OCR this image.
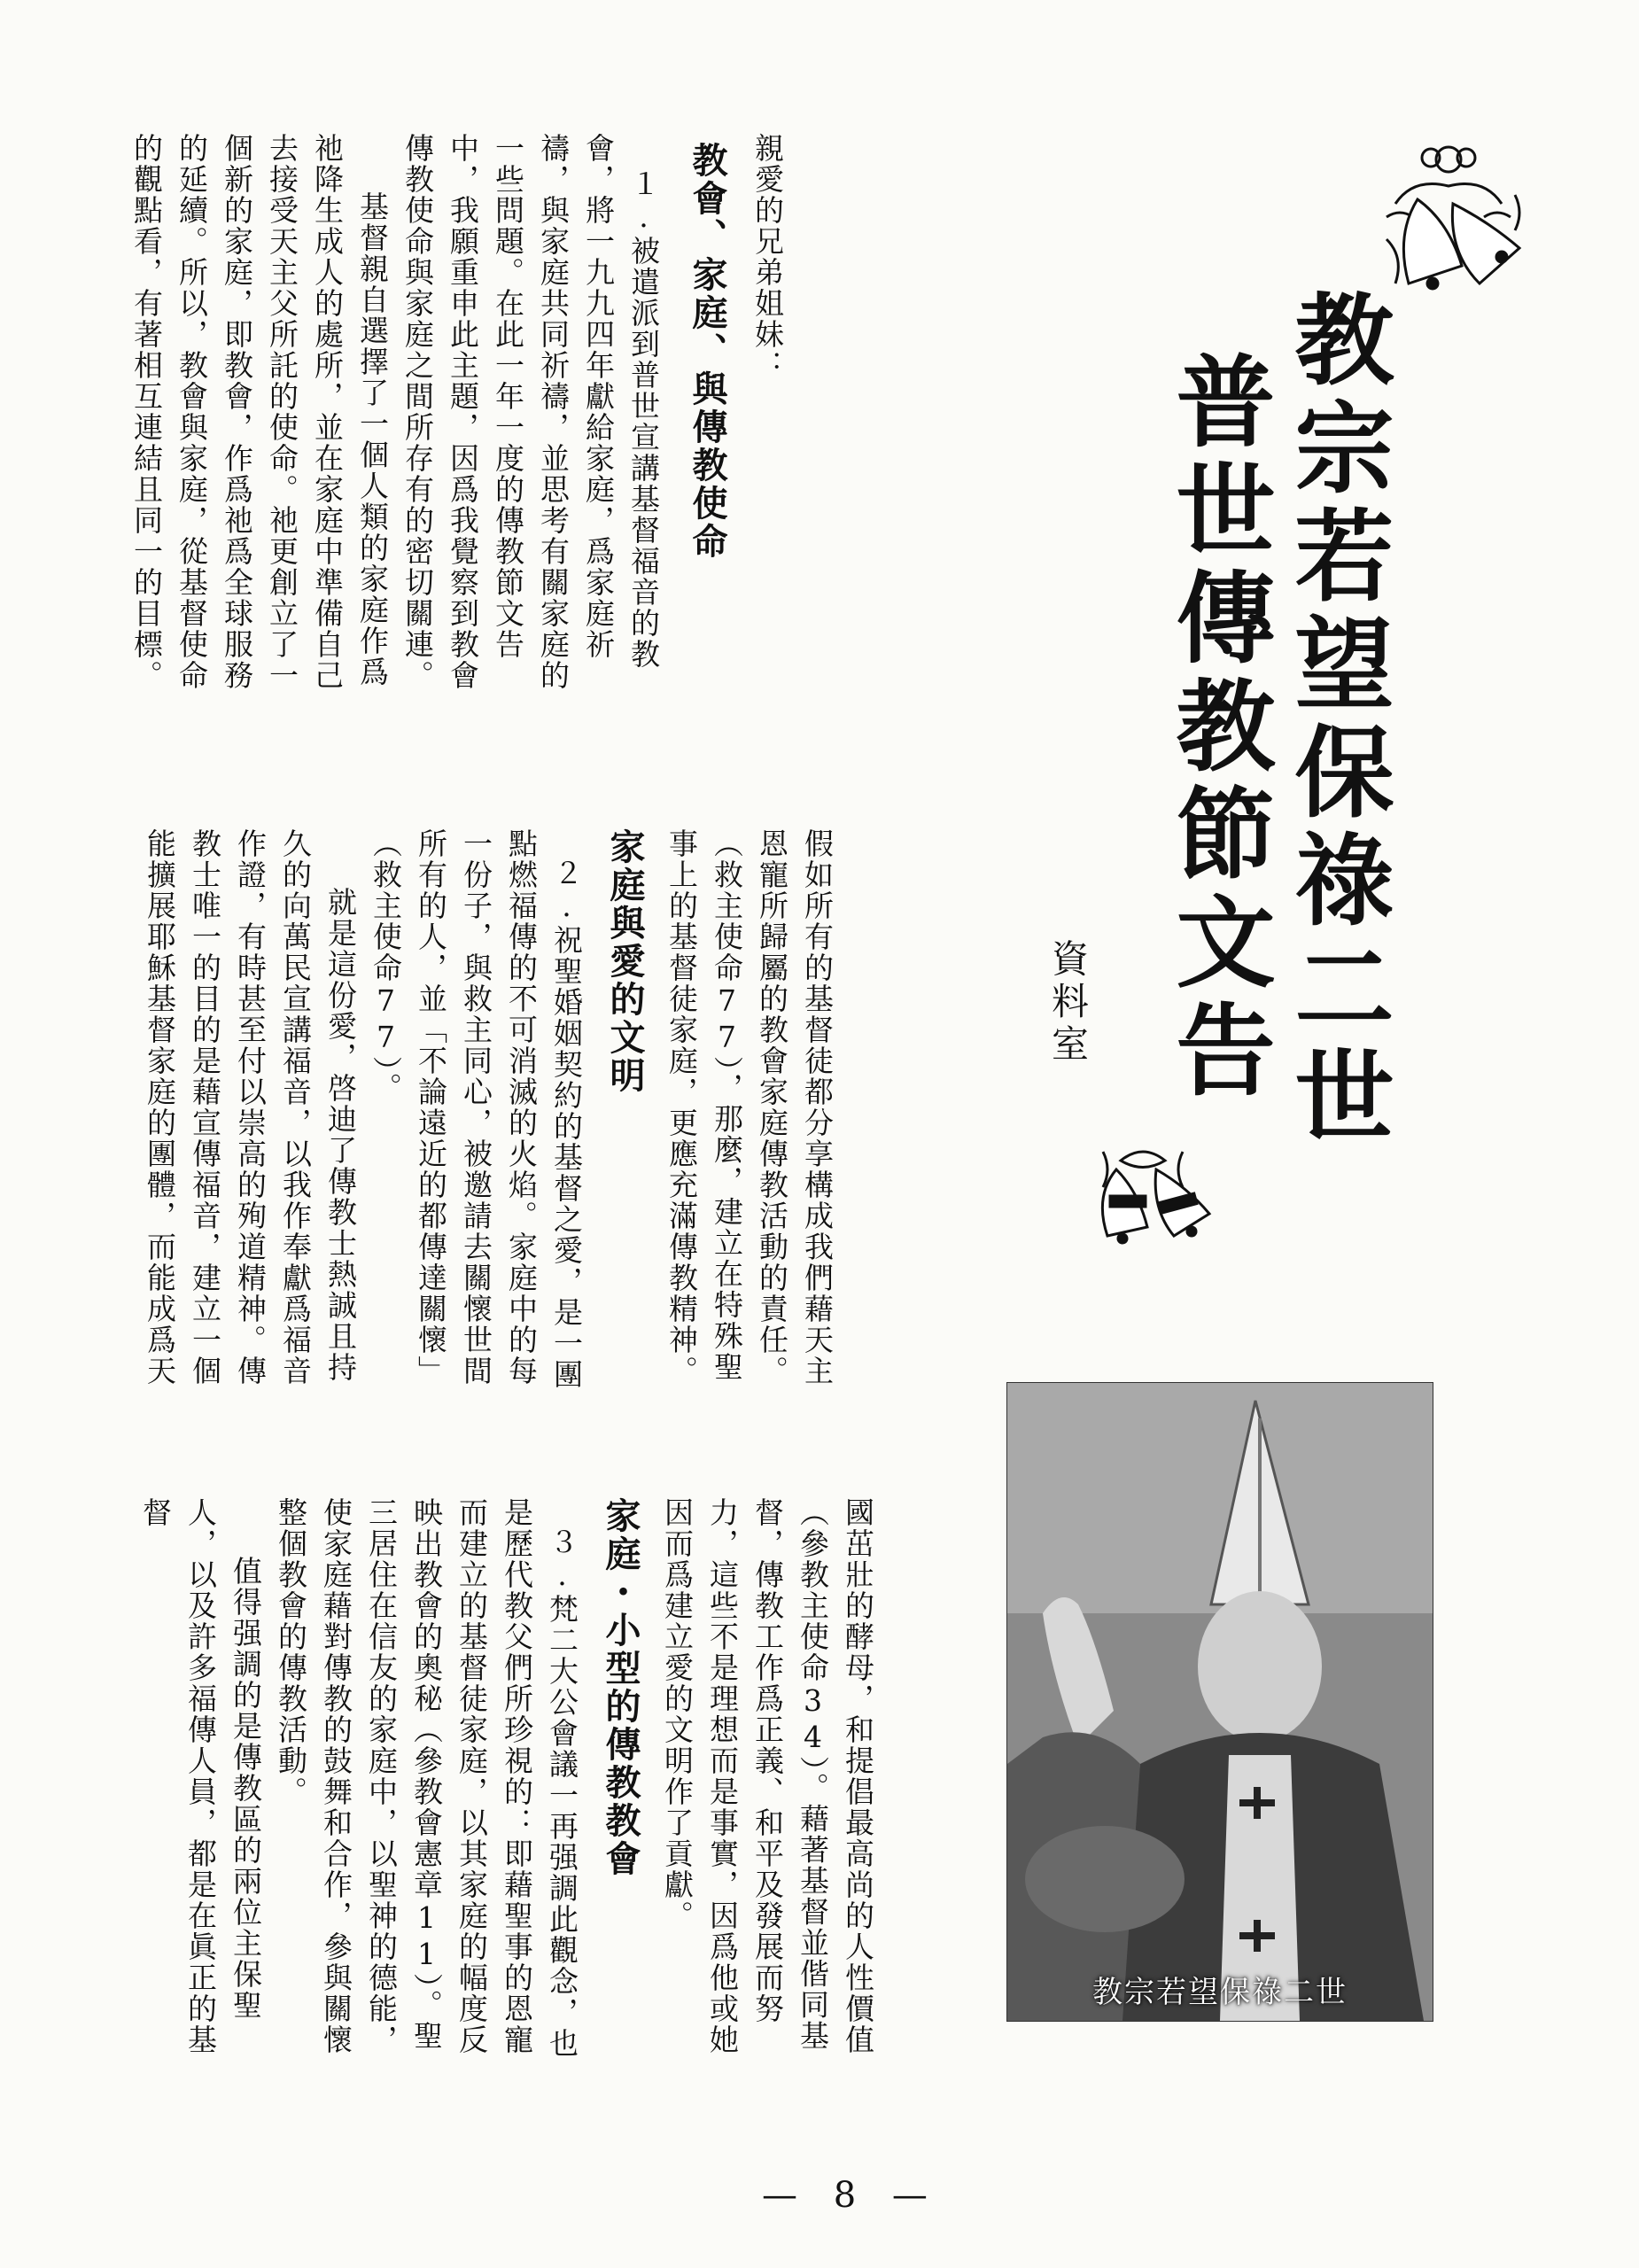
教宗若望保祿二世
普世傳教節文告
資料室
親愛的兄弟姐妹：
教會、家庭、與傳教使命
１.被遣派到普世宣講基督福音的教會，將一九九四年獻給家庭，爲家庭祈禱，與家庭共同祈禱，並思考有關家庭的一些問題。在此一年一度的傳教節文告中，我願重申此主題，因爲我覺察到教會傳教使命與家庭之間所存有的密切關連。
基督親自選擇了一個人類的家庭作爲祂降生成人的處所，並在家庭中準備自己去接受天主父所託的使命。祂更創立了一個新的家庭，即教會，作爲祂爲全球服務的延續。所以，教會與家庭，從基督使命的觀點看，有著相互連結且同一的目標。
假如所有的基督徒都分享構成我們藉天主恩寵所歸屬的教會家庭傳教活動的責任。（救主使命77），那麼，建立在特殊聖事上的基督徒家庭，更應充滿傳教精神。
家庭與愛的文明
２.祝聖婚姻契約的基督之愛，是一團點燃福傳的不可消滅的火焰。家庭中的每一份子，與救主同心，被邀請去關懷世間所有的人，並「不論遠近的都傳達關懷」（救主使命77）。
就是這份愛，啓迪了傳教士熱誠且持久的向萬民宣講福音，以我作奉獻爲福音作證，有時甚至付以崇高的殉道精神。傳教士唯一的目的是藉宣傳福音，建立一個能擴展耶穌基督家庭的團體，而能成爲天
國茁壯的酵母，和提倡最高尚的人性價值（參教主使命34）。藉著基督並偕同基督，傳教工作爲正義、和平及發展而努力，這些不是理想而是事實，因爲他或她因而爲建立愛的文明作了貢獻。
家庭・小型的傳教教會
３.梵二大公會議一再强調此觀念，也是歷代教父們所珍視的：即藉聖事的恩寵而建立的基督徒家庭，以其家庭的幅度反映出教會的奧秘（參教會憲章11）。聖三居住在信友的家庭中，以聖神的德能，使家庭藉對傳教的鼓舞和合作，參與關懷整個教會的傳教活動。
值得强調的是傳教區的兩位主保聖人，以及許多福傳人員，都是在眞正的基督
教宗若望保祿二世
— 8 —
